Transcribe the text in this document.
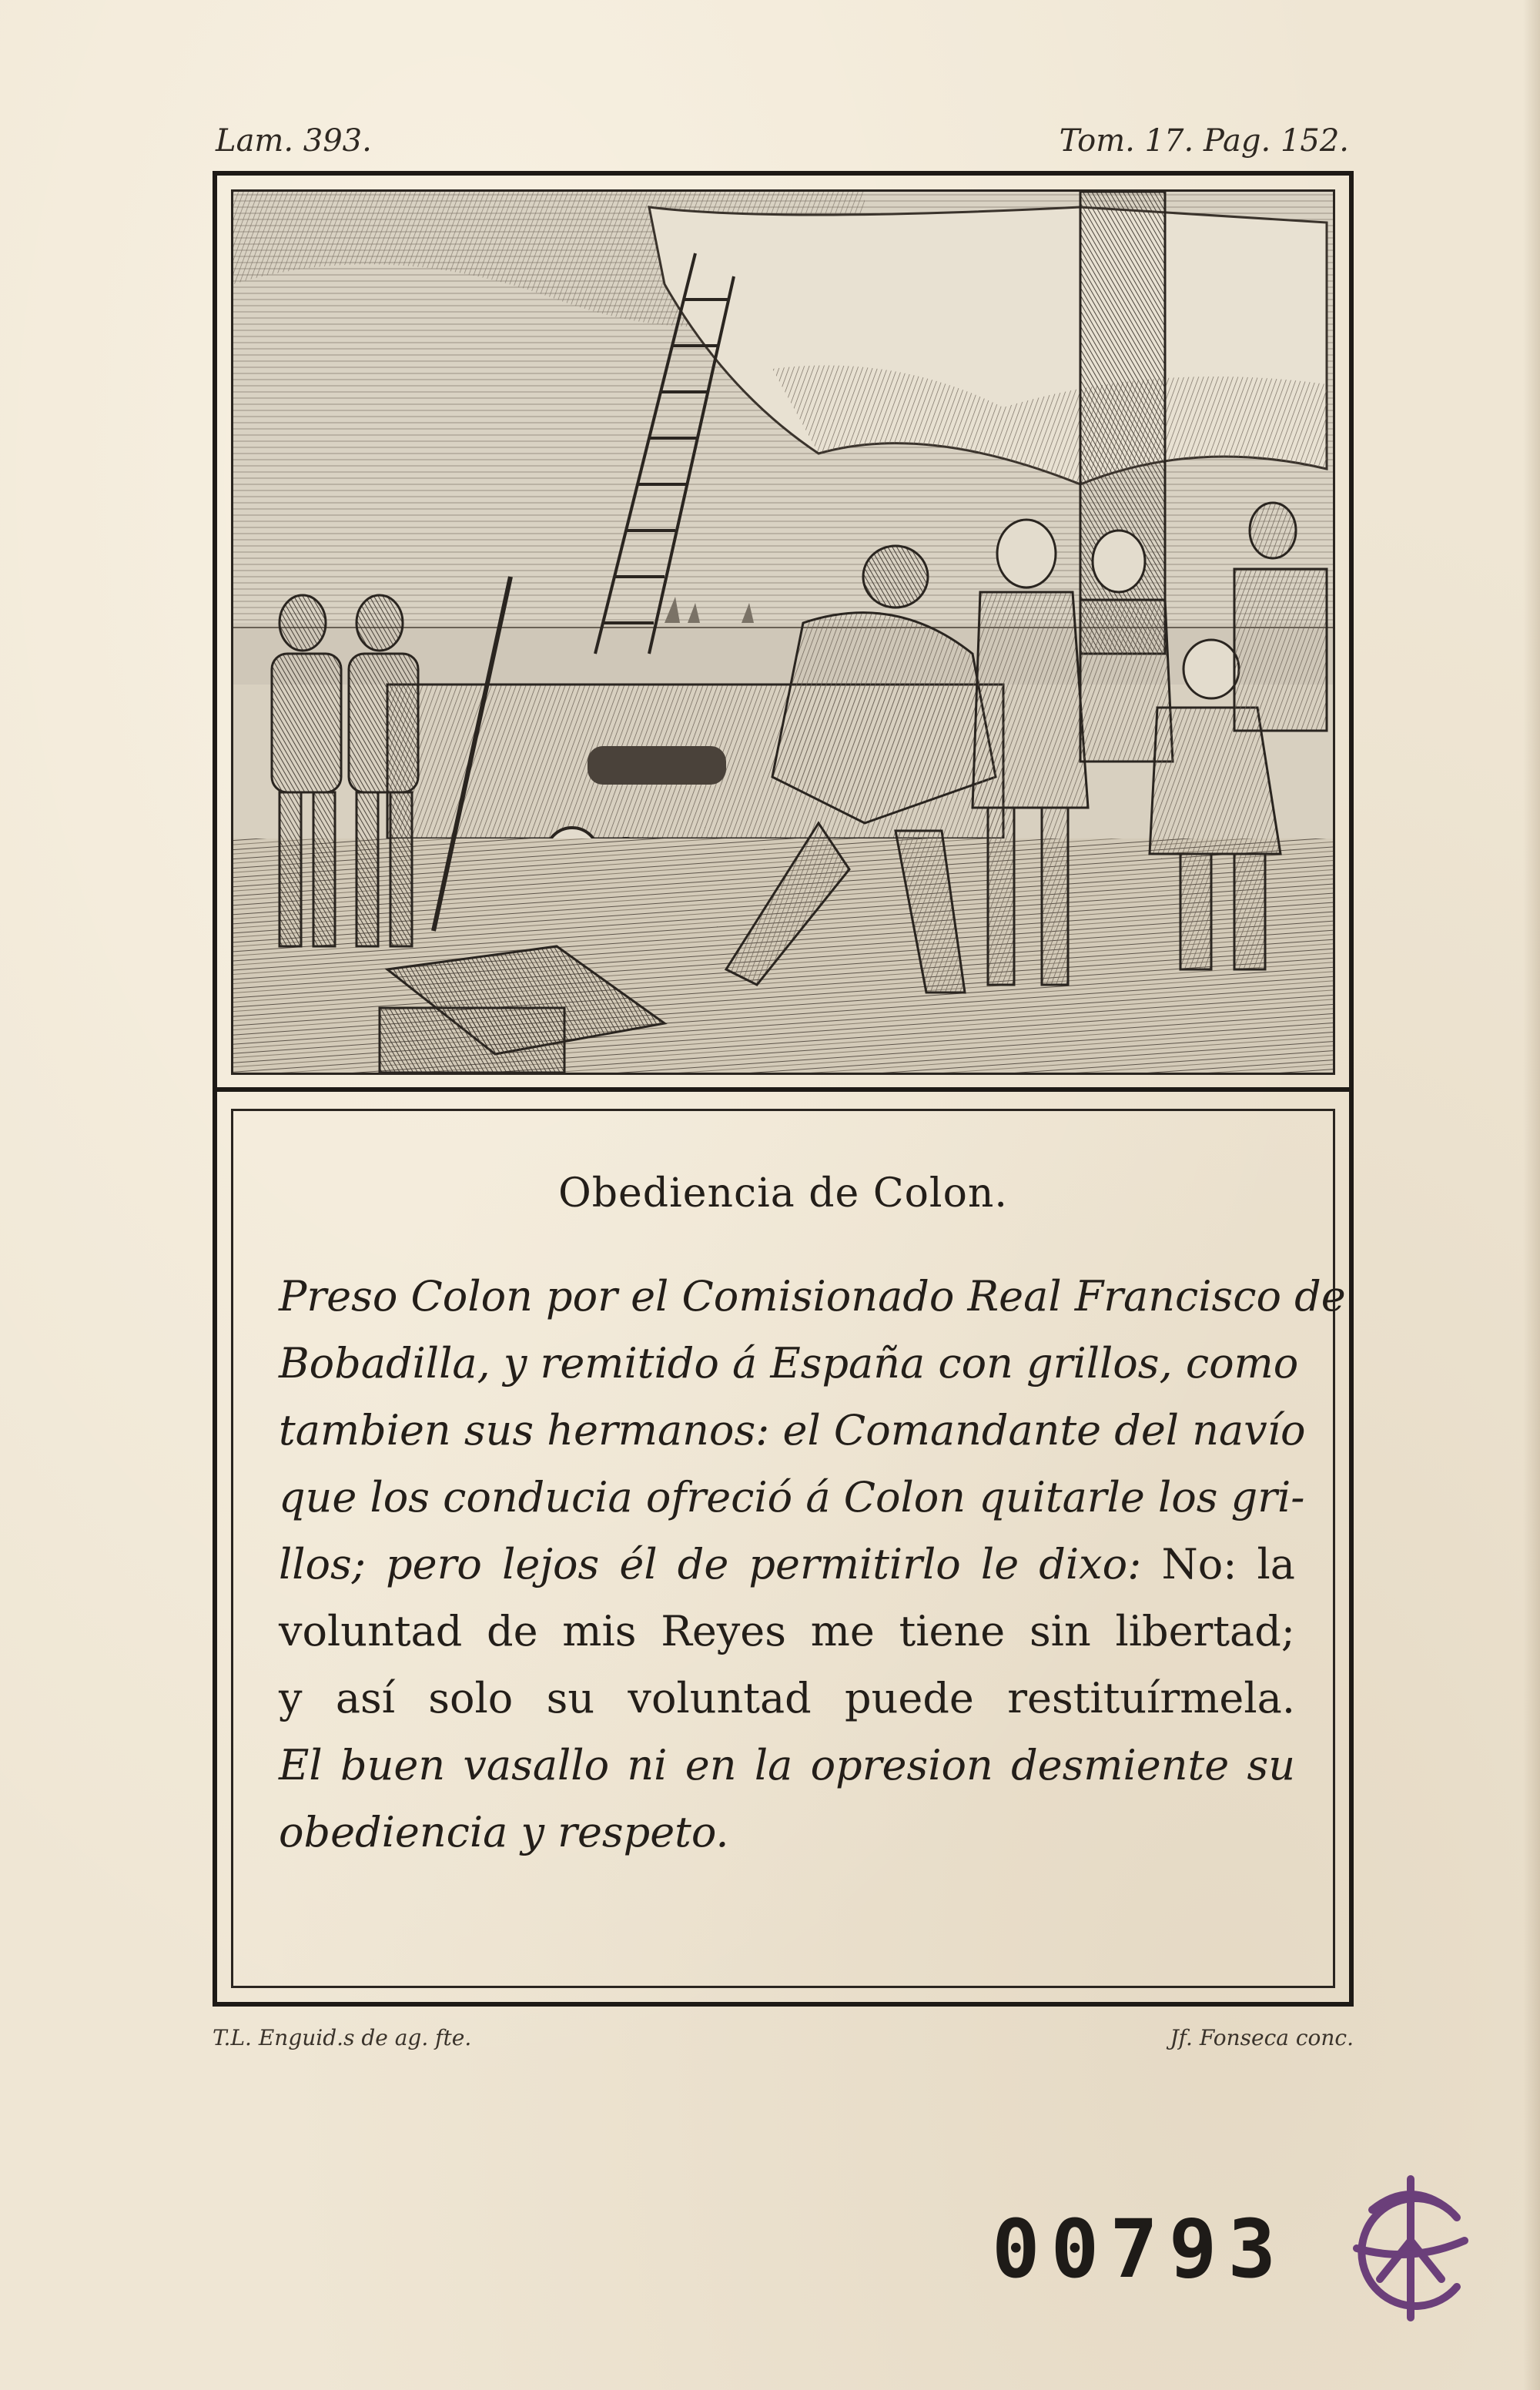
Lam. 393.	Tom. 17. Pag. 152.
Obediencia de Colon.
Preso Colon por el Comisionado Real Francisco de
Bobadilla, y remitido á España con grillos, como
tambien sus hermanos: el Comandante del navío
que los conducia ofreció á Colon quitarle los gri-
llos; pero lejos él de permitirlo le dixo: No: la
voluntad de mis Reyes me tiene sin libertad;
y así solo su voluntad puede restituírmela.
El buen vasallo ni en la opresion desmiente su
obediencia y respeto.
T.L. Enguid.s de ag. fte.	Jf. Fonseca conc.
00793
